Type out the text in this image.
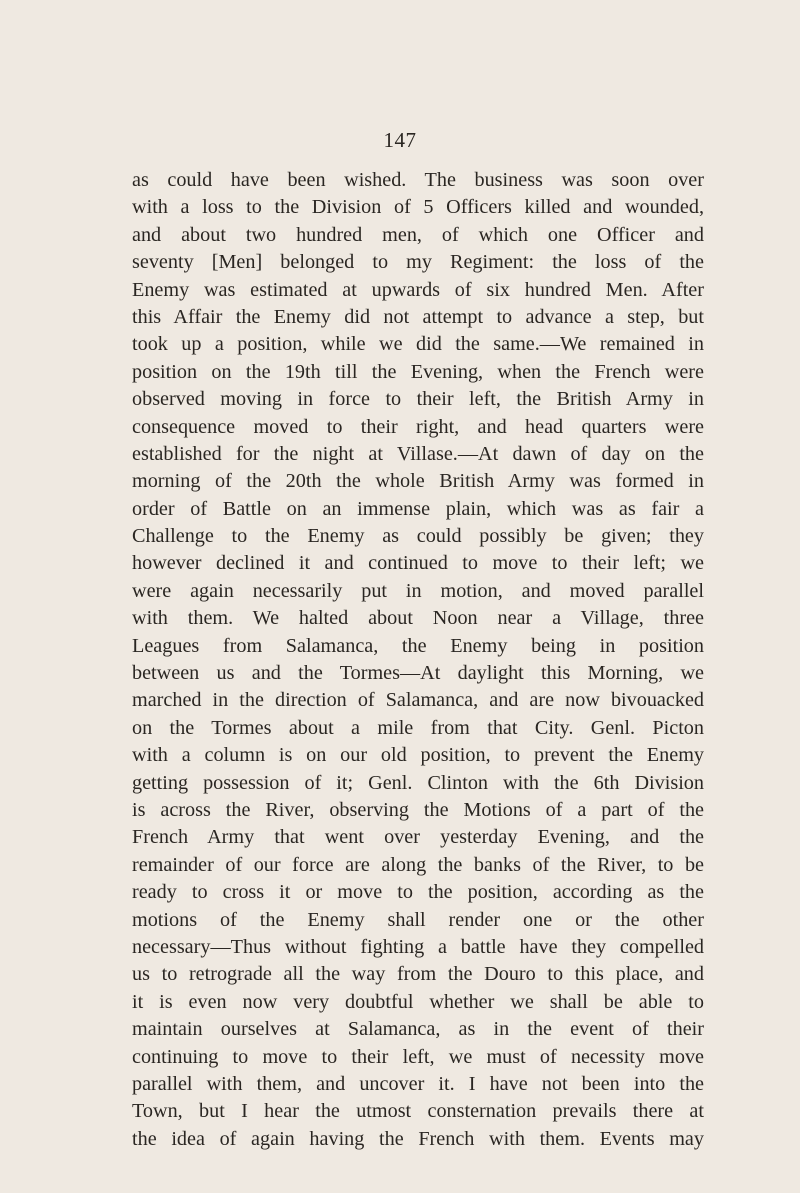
147
as could have been wished. The business was soon over
with a loss to the Division of 5 Officers killed and wounded,
and about two hundred men, of which one Officer and
seventy [Men] belonged to my Regiment: the loss of the
Enemy was estimated at upwards of six hundred Men. After
this Affair the Enemy did not attempt to advance a step, but
took up a position, while we did the same.—We remained in
position on the 19th till the Evening, when the French were
observed moving in force to their left, the British Army in
consequence moved to their right, and head quarters were
established for the night at Villase.—At dawn of day on the
morning of the 20th the whole British Army was formed in
order of Battle on an immense plain, which was as fair a
Challenge to the Enemy as could possibly be given; they
however declined it and continued to move to their left; we
were again necessarily put in motion, and moved parallel
with them. We halted about Noon near a Village, three
Leagues from Salamanca, the Enemy being in position
between us and the Tormes—At daylight this Morning, we
marched in the direction of Salamanca, and are now bivouacked
on the Tormes about a mile from that City. Genl. Picton
with a column is on our old position, to prevent the Enemy
getting possession of it; Genl. Clinton with the 6th Division
is across the River, observing the Motions of a part of the
French Army that went over yesterday Evening, and the
remainder of our force are along the banks of the River, to be
ready to cross it or move to the position, according as the
motions of the Enemy shall render one or the other
necessary—Thus without fighting a battle have they compelled
us to retrograde all the way from the Douro to this place, and
it is even now very doubtful whether we shall be able to
maintain ourselves at Salamanca, as in the event of their
continuing to move to their left, we must of necessity move
parallel with them, and uncover it. I have not been into the
Town, but I hear the utmost consternation prevails there at
the idea of again having the French with them. Events may
